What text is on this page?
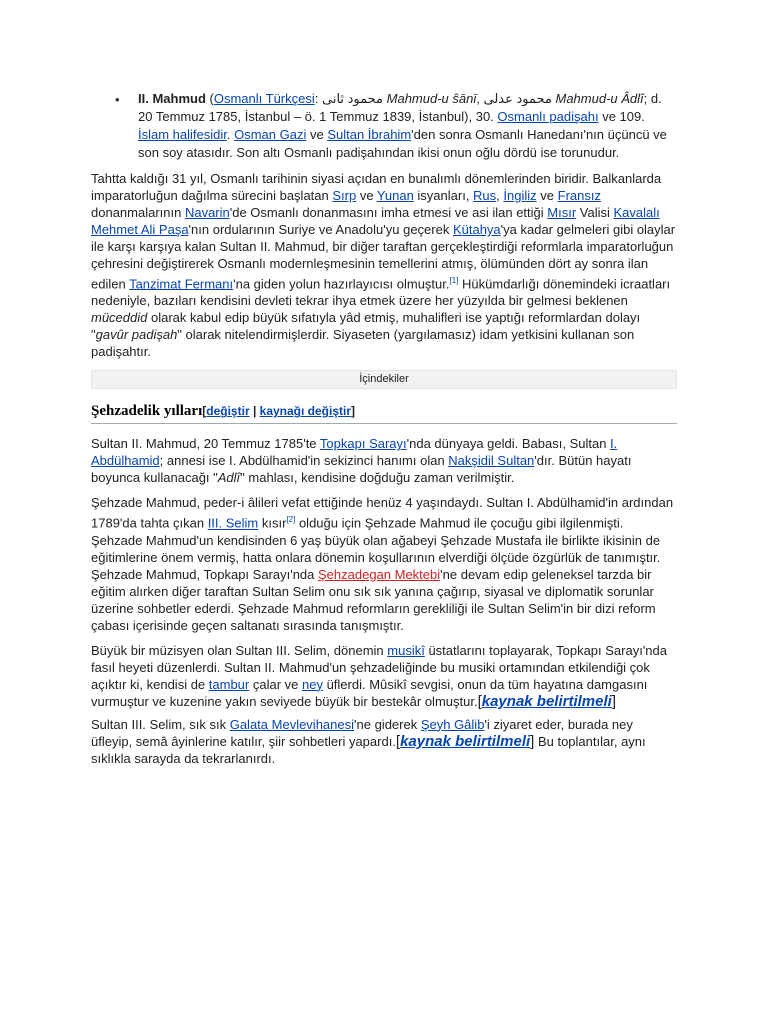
• II. Mahmud (Osmanlı Türkçesi: محمود ثانی Mahmud-u ŝānī, محمود عدلی Mahmud-u Âdlî; d. 20 Temmuz 1785, İstanbul – ö. 1 Temmuz 1839, İstanbul), 30. Osmanlı padişahı ve 109. İslam halifesidir. Osman Gazi ve Sultan İbrahim'den sonra Osmanlı Hanedanı'nın üçüncü ve son soy atasıdır. Son altı Osmanlı padişahından ikisi onun oğlu dördü ise torunudur.

Tahtta kaldığı 31 yıl, Osmanlı tarihinin siyasi açıdan en bunalımlı dönemlerinden biridir. Balkanlarda imparatorluğun dağılma sürecini başlatan Sırp ve Yunan isyanları, Rus, İngiliz ve Fransız donanmalarının Navarin'de Osmanlı donanmasını imha etmesi ve asi ilan ettiği Mısır Valisi Kavalalı Mehmet Ali Paşa'nın ordularının Suriye ve Anadolu'yu geçerek Kütahya'ya kadar gelmeleri gibi olaylar ile karşı karşıya kalan Sultan II. Mahmud, bir diğer taraftan gerçekleştirdiği reformlarla imparatorluğun çehresini değiştirerek Osmanlı modernleşmesinin temellerini atmış, ölümünden dört ay sonra ilan edilen Tanzimat Fermanı'na giden yolun hazırlayıcısı olmuştur.[1] Hükümdarlığı dönemindeki icraatları nedeniyle, bazıları kendisini devleti tekrar ihya etmek üzere her yüzyılda bir gelmesi beklenen müceddid olarak kabul edip büyük sıfatıyla yâd etmiş, muhalifleri ise yaptığı reformlardan dolayı "gavûr padişah" olarak nitelendirmişlerdir. Siyaseten (yargılamasız) idam yetkisini kullanan son padişahtır.

İçindekiler
Şehzadelik yılları[değiştir | kaynağı değiştir]

Sultan II. Mahmud, 20 Temmuz 1785'te Topkapı Sarayı'nda dünyaya geldi. Babası, Sultan I. Abdülhamid; annesi ise I. Abdülhamid'in sekizinci hanımı olan Nakşidil Sultan'dır. Bütün hayatı boyunca kullanacağı "Adlî" mahlası, kendisine doğduğu zaman verilmiştir.

Şehzade Mahmud, peder-i âlileri vefat ettiğinde henüz 4 yaşındaydı. Sultan I. Abdülhamid'in ardından 1789'da tahta çıkan III. Selim kısır[2] olduğu için Şehzade Mahmud ile çocuğu gibi ilgilenmişti. Şehzade Mahmud'un kendisinden 6 yaş büyük olan ağabeyi Şehzade Mustafa ile birlikte ikisinin de eğitimlerine önem vermiş, hatta onlara dönemin koşullarının elverdiği ölçüde özgürlük de tanımıştır. Şehzade Mahmud, Topkapı Sarayı'nda Şehzadegan Mektebi'ne devam edip geleneksel tarzda bir eğitim alırken diğer taraftan Sultan Selim onu sık sık yanına çağırıp, siyasal ve diplomatik sorunlar üzerine sohbetler ederdi. Şehzade Mahmud reformların gerekliliği ile Sultan Selim'in bir dizi reform çabası içerisinde geçen saltanatı sırasında tanışmıştır.

Büyük bir müzisyen olan Sultan III. Selim, dönemin musikî üstatlarını toplayarak, Topkapı Sarayı'nda fasıl heyeti düzenlerdi. Sultan II. Mahmud'un şehzadeliğinde bu musiki ortamından etkilendiği çok açıktır ki, kendisi de tambur çalar ve ney üflerdi. Mûsikî sevgisi, onun da tüm hayatına damgasını vurmuştur ve kuzenine yakın seviyede büyük bir bestekâr olmuştur.[kaynak belirtilmeli]

Sultan III. Selim, sık sık Galata Mevlevihanesi'ne giderek Şeyh Gâlib'i ziyaret eder, burada ney üfleyip, semâ âyinlerine katılır, şiir sohbetleri yapardı.[kaynak belirtilmeli] Bu toplantılar, aynı sıklıkla sarayda da tekrarlanırdı.
